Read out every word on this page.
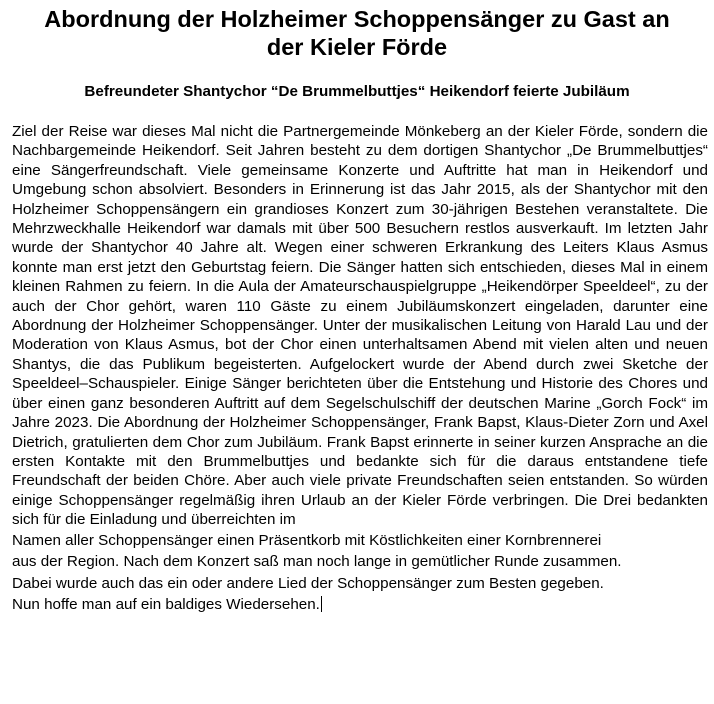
Abordnung der Holzheimer Schoppensänger zu Gast an
der Kieler Förde
Befreundeter Shantychor “De Brummelbuttjes“ Heikendorf feierte Jubiläum
Ziel der Reise war dieses Mal nicht die Partnergemeinde Mönkeberg an der Kieler Förde, sondern die Nachbargemeinde Heikendorf. Seit Jahren besteht zu dem dortigen Shantychor „De Brummelbuttjes“ eine Sängerfreundschaft. Viele gemeinsame Konzerte und Auftritte hat man in Heikendorf und Umgebung schon absolviert. Besonders in Erinnerung ist das Jahr 2015, als der Shantychor mit den Holzheimer Schoppensängern ein grandioses Konzert zum 30-jährigen Bestehen veranstaltete. Die Mehrzweckhalle Heikendorf war damals mit über 500 Besuchern restlos ausverkauft. Im letzten Jahr wurde der Shantychor 40 Jahre alt. Wegen einer schweren Erkrankung des Leiters Klaus Asmus konnte man erst jetzt den Geburtstag feiern. Die Sänger hatten sich entschieden, dieses Mal in einem kleinen Rahmen zu feiern. In die Aula der Amateurschauspielgruppe „Heikendörper Speeldeel“, zu der auch der Chor gehört, waren 110 Gäste zu einem Jubiläumskonzert eingeladen, darunter eine Abordnung der Holzheimer Schoppensänger. Unter der musikalischen Leitung von Harald Lau und der Moderation von Klaus Asmus, bot der Chor einen unterhaltsamen Abend mit vielen alten und neuen Shantys, die das Publikum begeisterten. Aufgelockert wurde der Abend durch zwei Sketche der Speeldeel–Schauspieler. Einige Sänger berichteten über die Entstehung und Historie des Chores und über einen ganz besonderen Auftritt auf dem Segelschulschiff der deutschen Marine „Gorch Fock“ im Jahre 2023. Die Abordnung der Holzheimer Schoppensänger, Frank Bapst, Klaus-Dieter Zorn und Axel Dietrich, gratulierten dem Chor zum Jubiläum. Frank Bapst erinnerte in seiner kurzen Ansprache an die ersten Kontakte mit den Brummelbuttjes und bedankte sich für die daraus entstandene tiefe Freundschaft der beiden Chöre. Aber auch viele private Freundschaften seien entstanden. So würden einige Schoppensänger regelmäßig ihren Urlaub an der Kieler Förde verbringen. Die Drei bedankten sich für die Einladung und überreichten im
Namen aller Schoppensänger einen Präsentkorb mit Köstlichkeiten einer Kornbrennerei
aus der Region. Nach dem Konzert saß man noch lange in gemütlicher Runde zusammen.
Dabei wurde auch das ein oder andere Lied der Schoppensänger zum Besten gegeben.
Nun hoffe man auf ein baldiges Wiedersehen.
